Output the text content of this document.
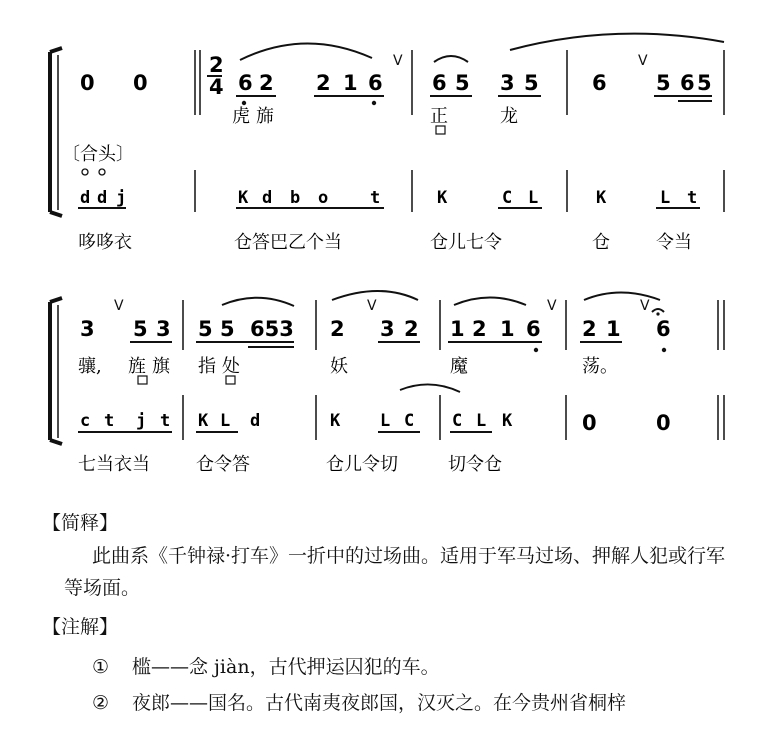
2
4
0 0	6 2 2 1 6 6 5 3 5	6 5 6 5
V	V
虎 旆	正	龙
〔合头〕
d d j	K d b o t	K	C L	K	L t
哆哆衣	仓答巴乙个当	仓儿七令	仓	令当
3 5 3 5 5 653 2 3 2 1 2 1 6 2 1 6
V	V	V	V
骧, 旌 旗 指 处	妖	魔	荡。
c t j t K L d	K L C C L K	0	0
七当衣当	仓令答	仓儿令切	切令仓
【简释】
此曲系《千钟禄·打车》一折中的过场曲。适用于军马过场、押解人犯或行军等场面。
【注解】
① 槛——念 jiàn，古代押运囚犯的车。
② 夜郎——国名。古代南夷夜郎国，汉灭之。在今贵州省桐梓
